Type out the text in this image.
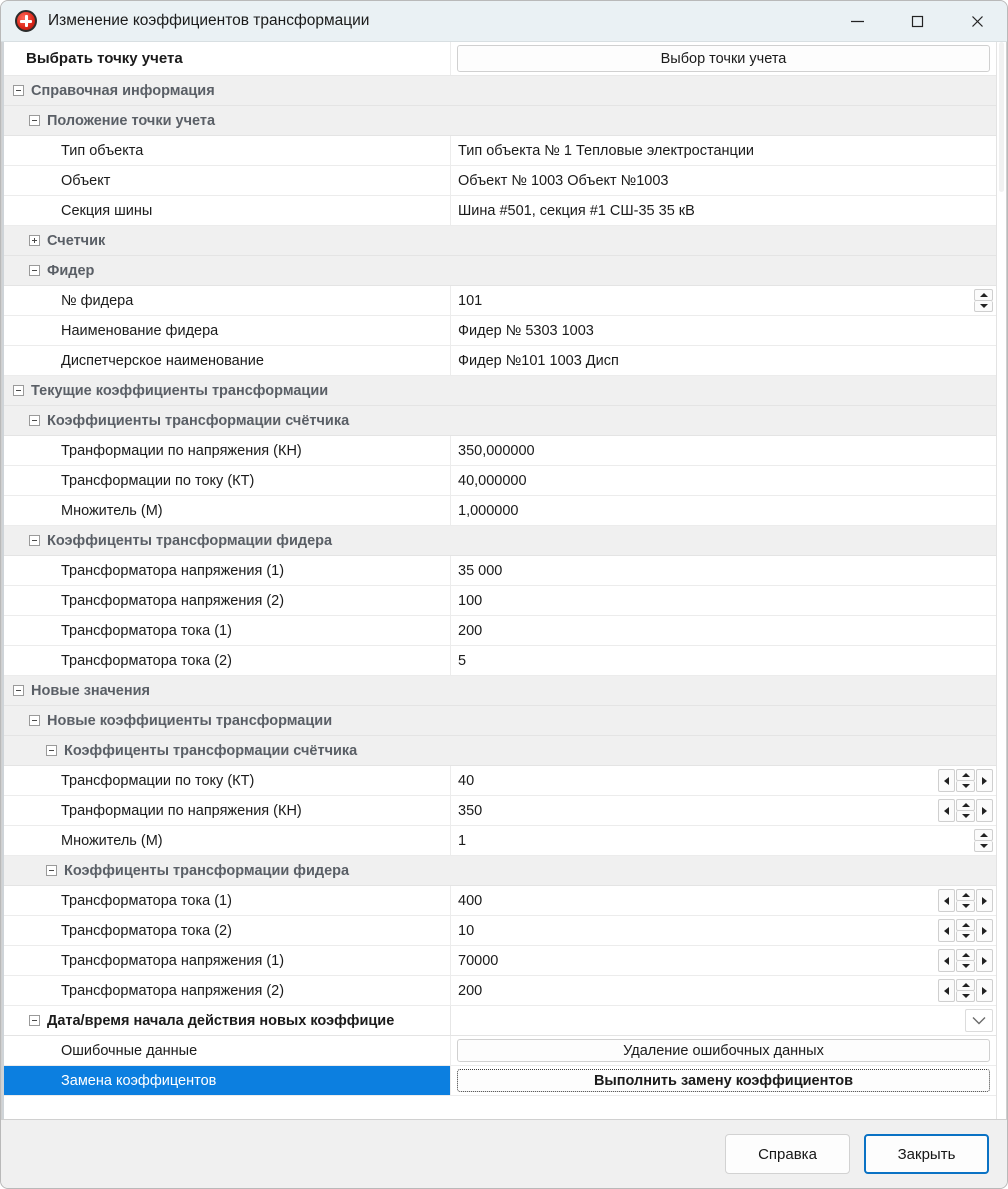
Изменение коэффициентов трансформации
Выбрать точку учета	Выбор точки учета
Справочная информация
Положение точки учета
Тип объекта	Тип объекта № 1 Тепловые электростанции
Объект	Объект № 1003 Объект №1003
Секция шины	Шина #501, секция #1 СШ-35 35 кВ
Счетчик
Фидер
№ фидера	101
Наименование фидера	Фидер № 5303 1003
Диспетчерское наименование	Фидер №101 1003 Дисп
Текущие коэффициенты трансформации
Коэффициенты трансформации счётчика
Транформации по напряжения (КН)	350,000000
Трансформации по току (КТ)	40,000000
Множитель (М)	1,000000
Коэффиценты трансформации фидера
Трансформатора напряжения (1)	35 000
Трансформатора напряжения (2)	100
Трансформатора тока (1)	200
Трансформатора тока (2)	5
Новые значения
Новые коэффициенты трансформации
Коэффиценты трансформации счётчика
Трансформации по току (КТ)	40
Транформации по напряжения (КН)	350
Множитель (М)	1
Коэффиценты трансформации фидера
Трансформатора тока (1)	400
Трансформатора тока (2)	10
Трансформатора напряжения (1)	70000
Трансформатора напряжения (2)	200
Дата/время начала действия новых коэффицие
Ошибочные данные	Удаление ошибочных данных
Замена коэффицентов	Выполнить замену коэффициентов
Справка	Закрыть
